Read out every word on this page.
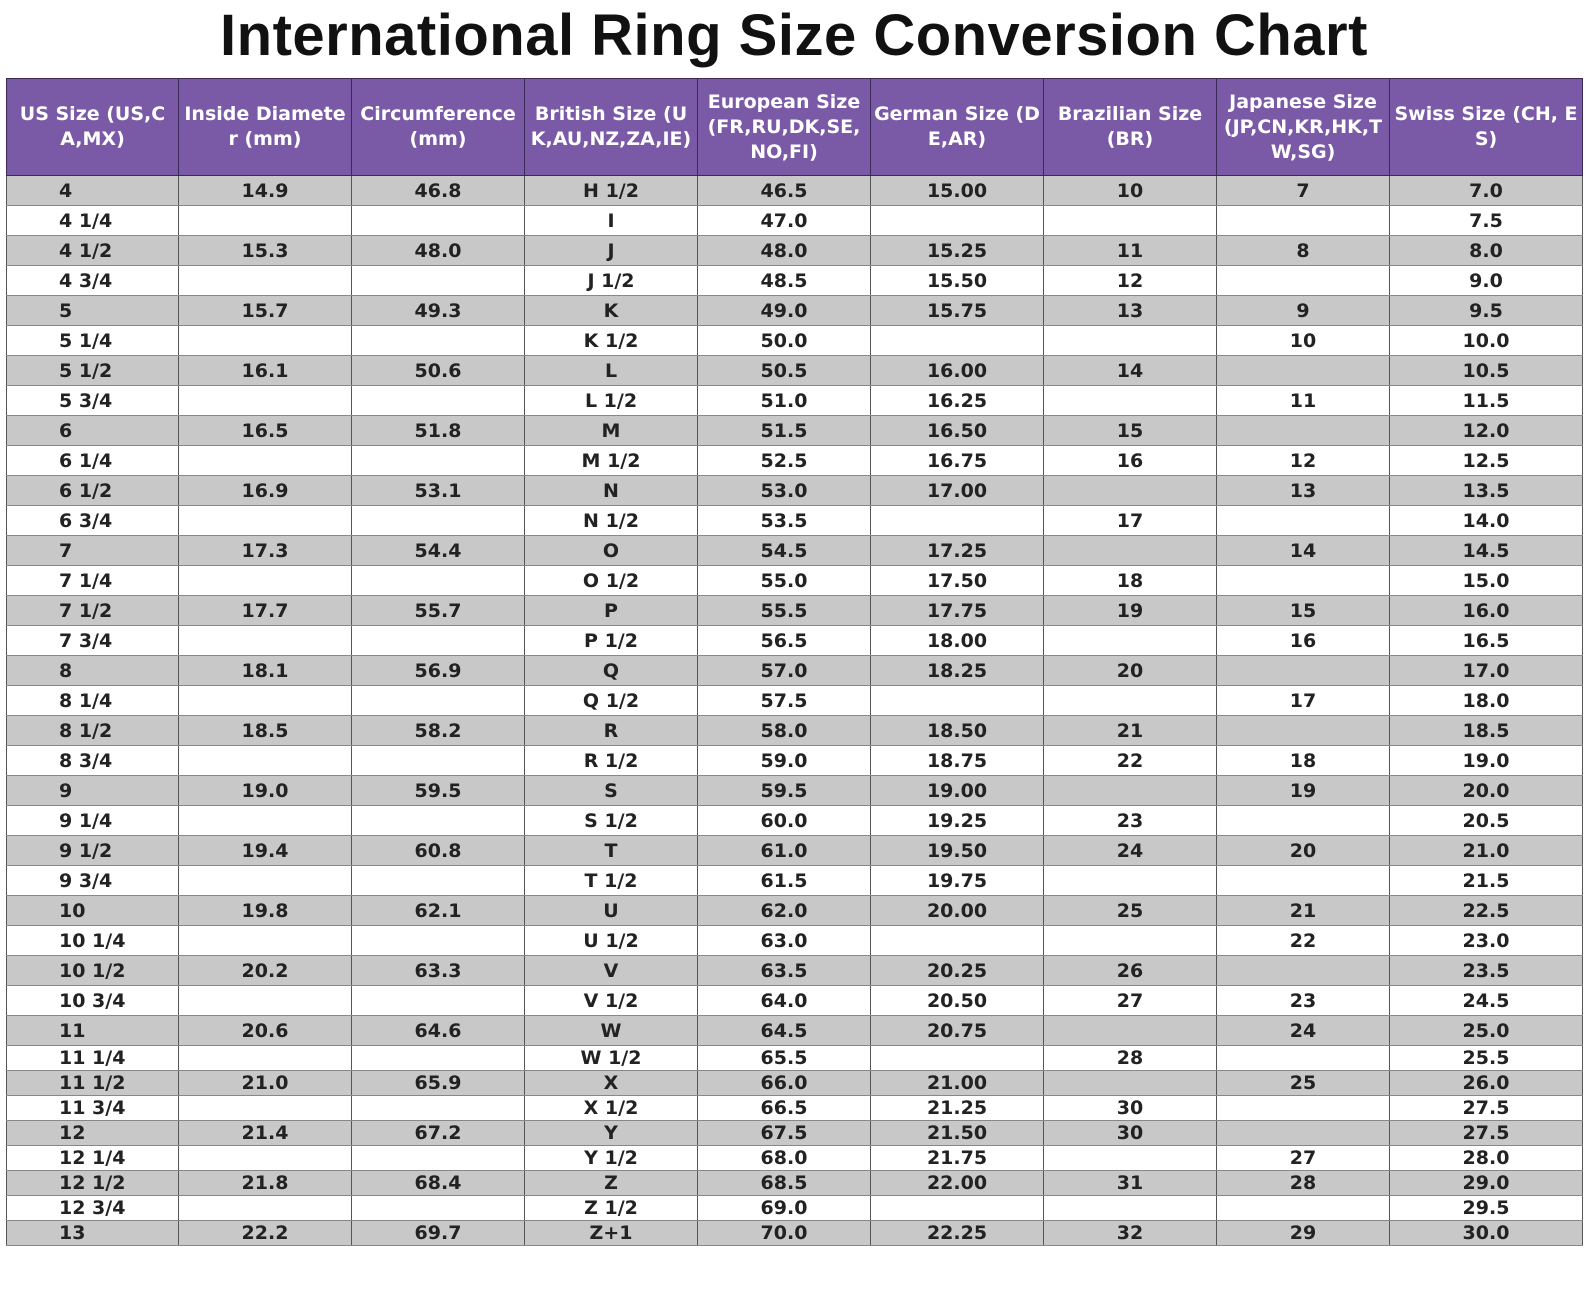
International Ring Size Conversion Chart
US Size (US,CA,MX)	Inside Diameter (mm)	Circumference (mm)	British Size (UK,AU,NZ,ZA,IE)	European Size (FR,RU,DK,SE,NO,FI)	German Size (DE,AR)	Brazilian Size (BR)	Japanese Size (JP,CN,KR,HK,TW,SG)	Swiss Size (CH, ES)
4	14.9	46.8	H 1/2	46.5	15.00	10	7	7.0
4 1/4			I	47.0				7.5
4 1/2	15.3	48.0	J	48.0	15.25	11	8	8.0
4 3/4			J 1/2	48.5	15.50	12		9.0
5	15.7	49.3	K	49.0	15.75	13	9	9.5
5 1/4			K 1/2	50.0			10	10.0
5 1/2	16.1	50.6	L	50.5	16.00	14		10.5
5 3/4			L 1/2	51.0	16.25		11	11.5
6	16.5	51.8	M	51.5	16.50	15		12.0
6 1/4			M 1/2	52.5	16.75	16	12	12.5
6 1/2	16.9	53.1	N	53.0	17.00		13	13.5
6 3/4			N 1/2	53.5		17		14.0
7	17.3	54.4	O	54.5	17.25		14	14.5
7 1/4			O 1/2	55.0	17.50	18		15.0
7 1/2	17.7	55.7	P	55.5	17.75	19	15	16.0
7 3/4			P 1/2	56.5	18.00		16	16.5
8	18.1	56.9	Q	57.0	18.25	20		17.0
8 1/4			Q 1/2	57.5			17	18.0
8 1/2	18.5	58.2	R	58.0	18.50	21		18.5
8 3/4			R 1/2	59.0	18.75	22	18	19.0
9	19.0	59.5	S	59.5	19.00		19	20.0
9 1/4			S 1/2	60.0	19.25	23		20.5
9 1/2	19.4	60.8	T	61.0	19.50	24	20	21.0
9 3/4			T 1/2	61.5	19.75			21.5
10	19.8	62.1	U	62.0	20.00	25	21	22.5
10 1/4			U 1/2	63.0			22	23.0
10 1/2	20.2	63.3	V	63.5	20.25	26		23.5
10 3/4			V 1/2	64.0	20.50	27	23	24.5
11	20.6	64.6	W	64.5	20.75		24	25.0
11 1/4			W 1/2	65.5		28		25.5
11 1/2	21.0	65.9	X	66.0	21.00		25	26.0
11 3/4			X 1/2	66.5	21.25	30		27.5
12	21.4	67.2	Y	67.5	21.50	30		27.5
12 1/4			Y 1/2	68.0	21.75		27	28.0
12 1/2	21.8	68.4	Z	68.5	22.00	31	28	29.0
12 3/4			Z 1/2	69.0				29.5
13	22.2	69.7	Z+1	70.0	22.25	32	29	30.0
